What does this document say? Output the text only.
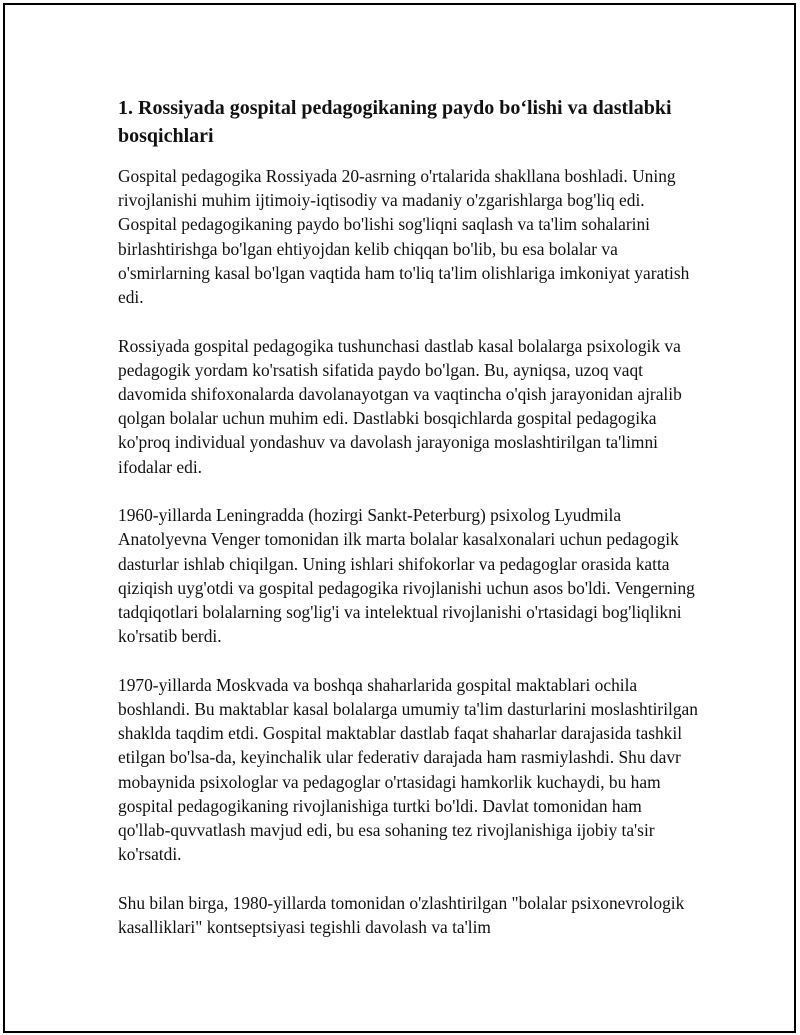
1. Rossiyada gospital pedagogikaning paydo bo‘lishi va dastlabki bosqichlari

Gospital pedagogika Rossiyada 20-asrning o'rtalarida shakllana boshladi. Uning rivojlanishi muhim ijtimoiy-iqtisodiy va madaniy o'zgarishlarga bog'liq edi. Gospital pedagogikaning paydo bo'lishi sog'liqni saqlash va ta'lim sohalarini birlashtirishga bo'lgan ehtiyojdan kelib chiqqan bo'lib, bu esa bolalar va o'smirlarning kasal bo'lgan vaqtida ham to'liq ta'lim olishlariga imkoniyat yaratish edi.

Rossiyada gospital pedagogika tushunchasi dastlab kasal bolalarga psixologik va pedagogik yordam ko'rsatish sifatida paydo bo'lgan. Bu, ayniqsa, uzoq vaqt davomida shifoxonalarda davolanayotgan va vaqtincha o'qish jarayonidan ajralib qolgan bolalar uchun muhim edi. Dastlabki bosqichlarda gospital pedagogika ko'proq individual yondashuv va davolash jarayoniga moslashtirilgan ta'limni ifodalar edi.

1960-yillarda Leningradda (hozirgi Sankt-Peterburg) psixolog Lyudmila Anatolyevna Venger tomonidan ilk marta bolalar kasalxonalari uchun pedagogik dasturlar ishlab chiqilgan. Uning ishlari shifokorlar va pedagoglar orasida katta qiziqish uyg'otdi va gospital pedagogika rivojlanishi uchun asos bo'ldi. Vengerning tadqiqotlari bolalarning sog'lig'i va intelektual rivojlanishi o'rtasidagi bog'liqlikni ko'rsatib berdi.

1970-yillarda Moskvada va boshqa shaharlarida gospital maktablari ochila boshlandi. Bu maktablar kasal bolalarga umumiy ta'lim dasturlarini moslashtirilgan shaklda taqdim etdi. Gospital maktablar dastlab faqat shaharlar darajasida tashkil etilgan bo'lsa-da, keyinchalik ular federativ darajada ham rasmiylashdi. Shu davr mobaynida psixologlar va pedagoglar o'rtasidagi hamkorlik kuchaydi, bu ham gospital pedagogikaning rivojlanishiga turtki bo'ldi. Davlat tomonidan ham qo'llab-quvvatlash mavjud edi, bu esa sohaning tez rivojlanishiga ijobiy ta'sir ko'rsatdi.

Shu bilan birga, 1980-yillarda tomonidan o'zlashtirilgan "bolalar psixonevrologik kasalliklari" kontseptsiyasi tegishli davolash va ta'lim
